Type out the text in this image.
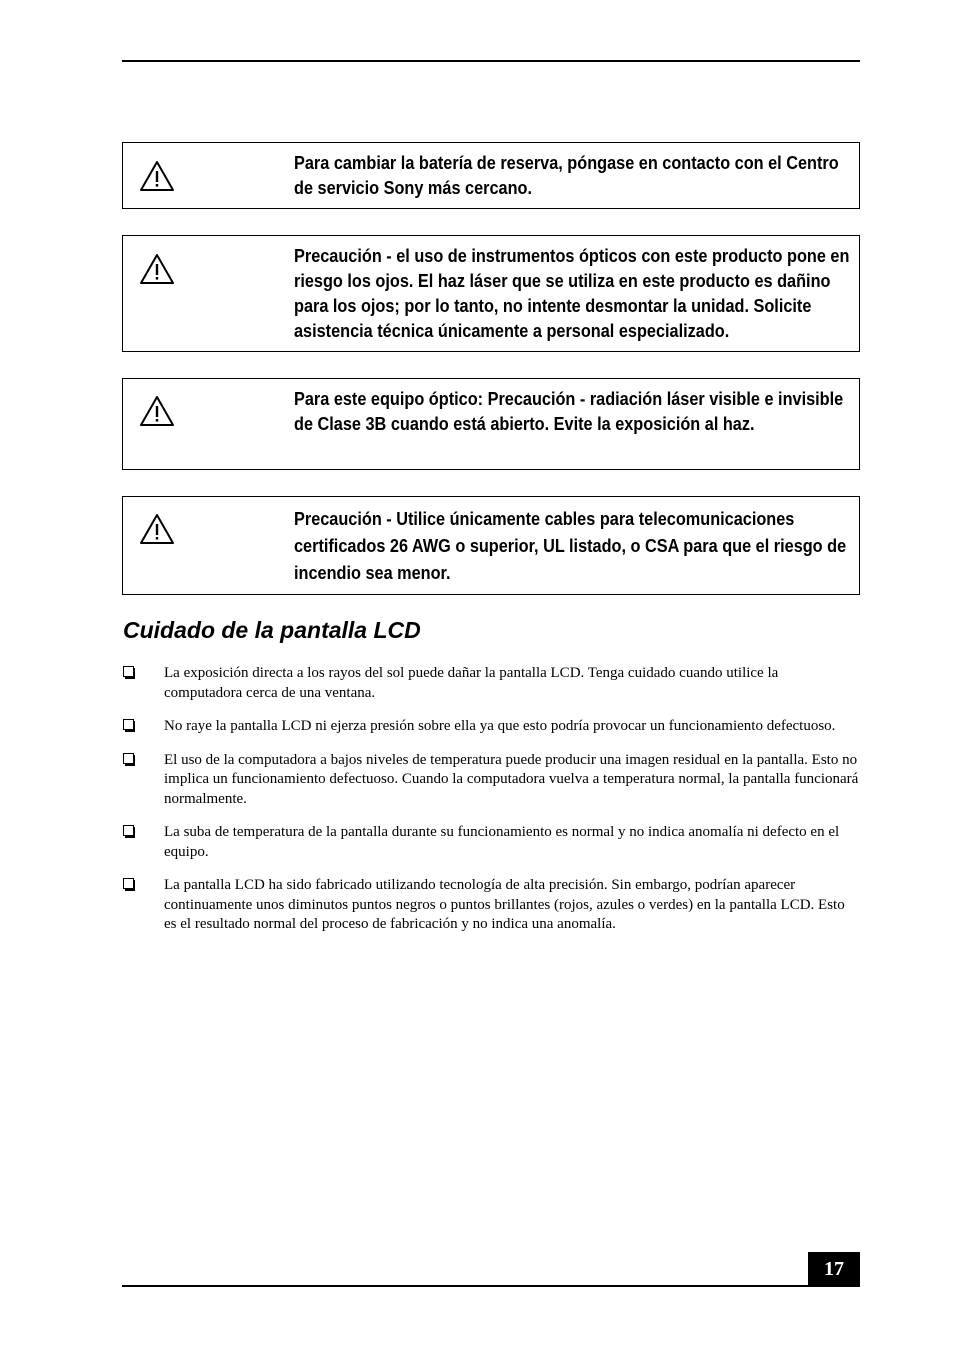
Para cambiar la batería de reserva, póngase en contacto con el Centro de servicio Sony más cercano.
Precaución - el uso de instrumentos ópticos con este producto pone en riesgo los ojos. El haz láser que se utiliza en este producto es dañino para los ojos; por lo tanto, no intente desmontar la unidad. Solicite asistencia técnica únicamente a personal especializado.
Para este equipo óptico: Precaución - radiación láser visible e invisible de Clase 3B cuando está abierto. Evite la exposición al haz.
Precaución - Utilice únicamente cables para telecomunicaciones certificados 26 AWG o superior, UL listado, o CSA para que el riesgo de incendio sea menor.
Cuidado de la pantalla LCD
La exposición directa a los rayos del sol puede dañar la pantalla LCD. Tenga cuidado cuando utilice la computadora cerca de una ventana.
No raye la pantalla LCD ni ejerza presión sobre ella ya que esto podría provocar un funcionamiento defectuoso.
El uso de la computadora a bajos niveles de temperatura puede producir una imagen residual en la pantalla. Esto no implica un funcionamiento defectuoso. Cuando la computadora vuelva a temperatura normal, la pantalla funcionará normalmente.
La suba de temperatura de la pantalla durante su funcionamiento es normal y no indica anomalía ni defecto en el equipo.
La pantalla LCD ha sido fabricado utilizando tecnología de alta precisión. Sin embargo, podrían aparecer continuamente unos diminutos puntos negros o puntos brillantes (rojos, azules o verdes) en la pantalla LCD. Esto es el resultado normal del proceso de fabricación y no indica una anomalía.
17
